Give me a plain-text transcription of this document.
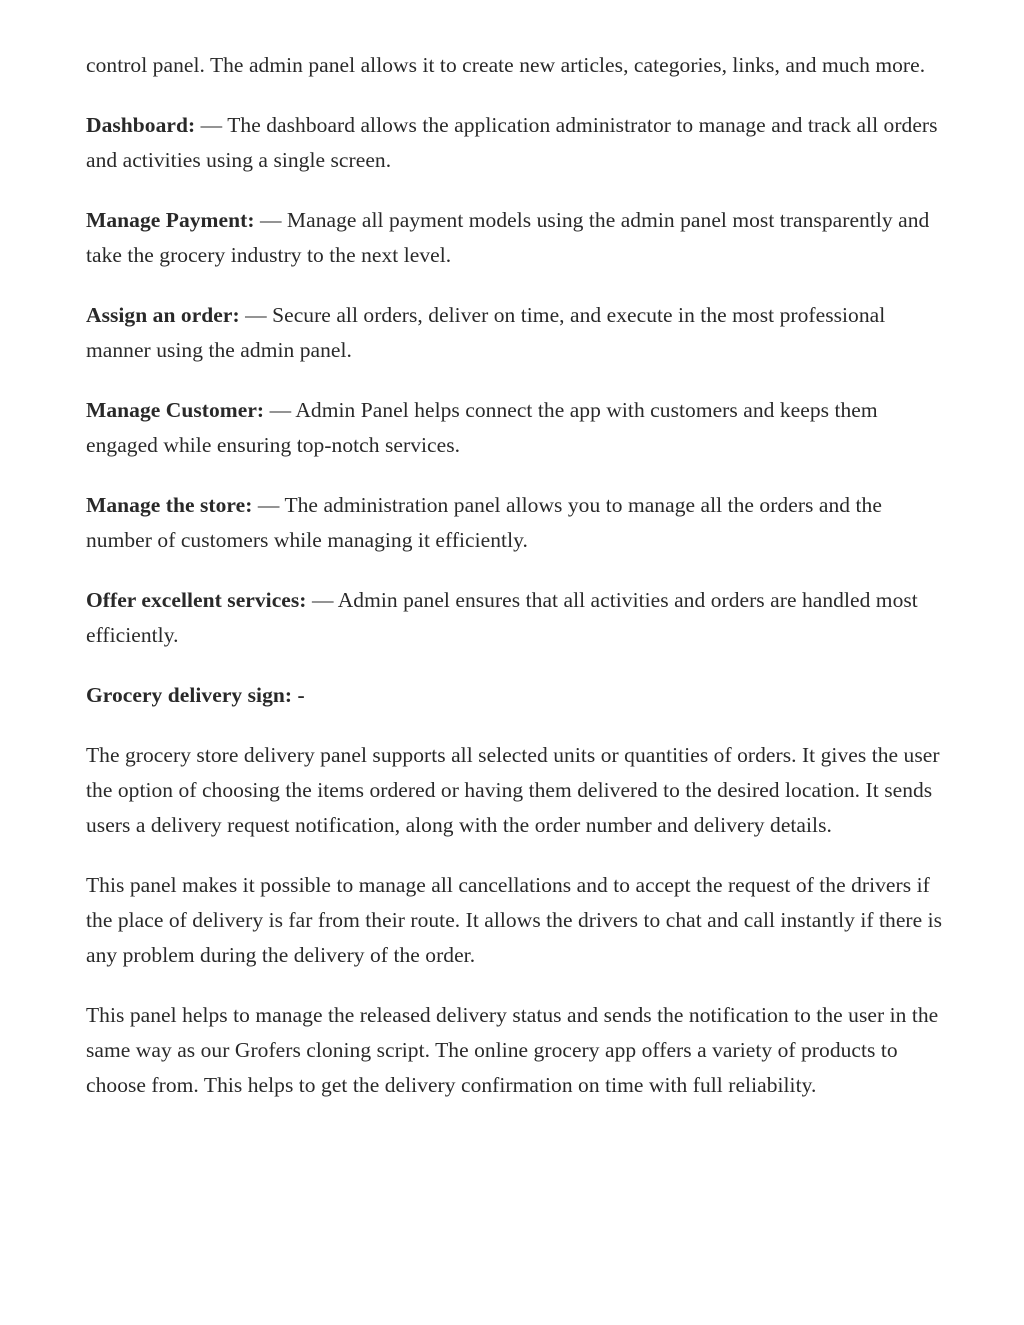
control panel. The admin panel allows it to create new articles, categories, links, and much more.

Dashboard: — The dashboard allows the application administrator to manage and track all orders and activities using a single screen.

Manage Payment: — Manage all payment models using the admin panel most transparently and take the grocery industry to the next level.

Assign an order: — Secure all orders, deliver on time, and execute in the most professional manner using the admin panel.

Manage Customer: — Admin Panel helps connect the app with customers and keeps them engaged while ensuring top-notch services.

Manage the store: — The administration panel allows you to manage all the orders and the number of customers while managing it efficiently.

Offer excellent services: — Admin panel ensures that all activities and orders are handled most efficiently.

Grocery delivery sign: -

The grocery store delivery panel supports all selected units or quantities of orders. It gives the user the option of choosing the items ordered or having them delivered to the desired location. It sends users a delivery request notification, along with the order number and delivery details.

This panel makes it possible to manage all cancellations and to accept the request of the drivers if the place of delivery is far from their route. It allows the drivers to chat and call instantly if there is any problem during the delivery of the order.

This panel helps to manage the released delivery status and sends the notification to the user in the same way as our Grofers cloning script. The online grocery app offers a variety of products to choose from. This helps to get the delivery confirmation on time with full reliability.
